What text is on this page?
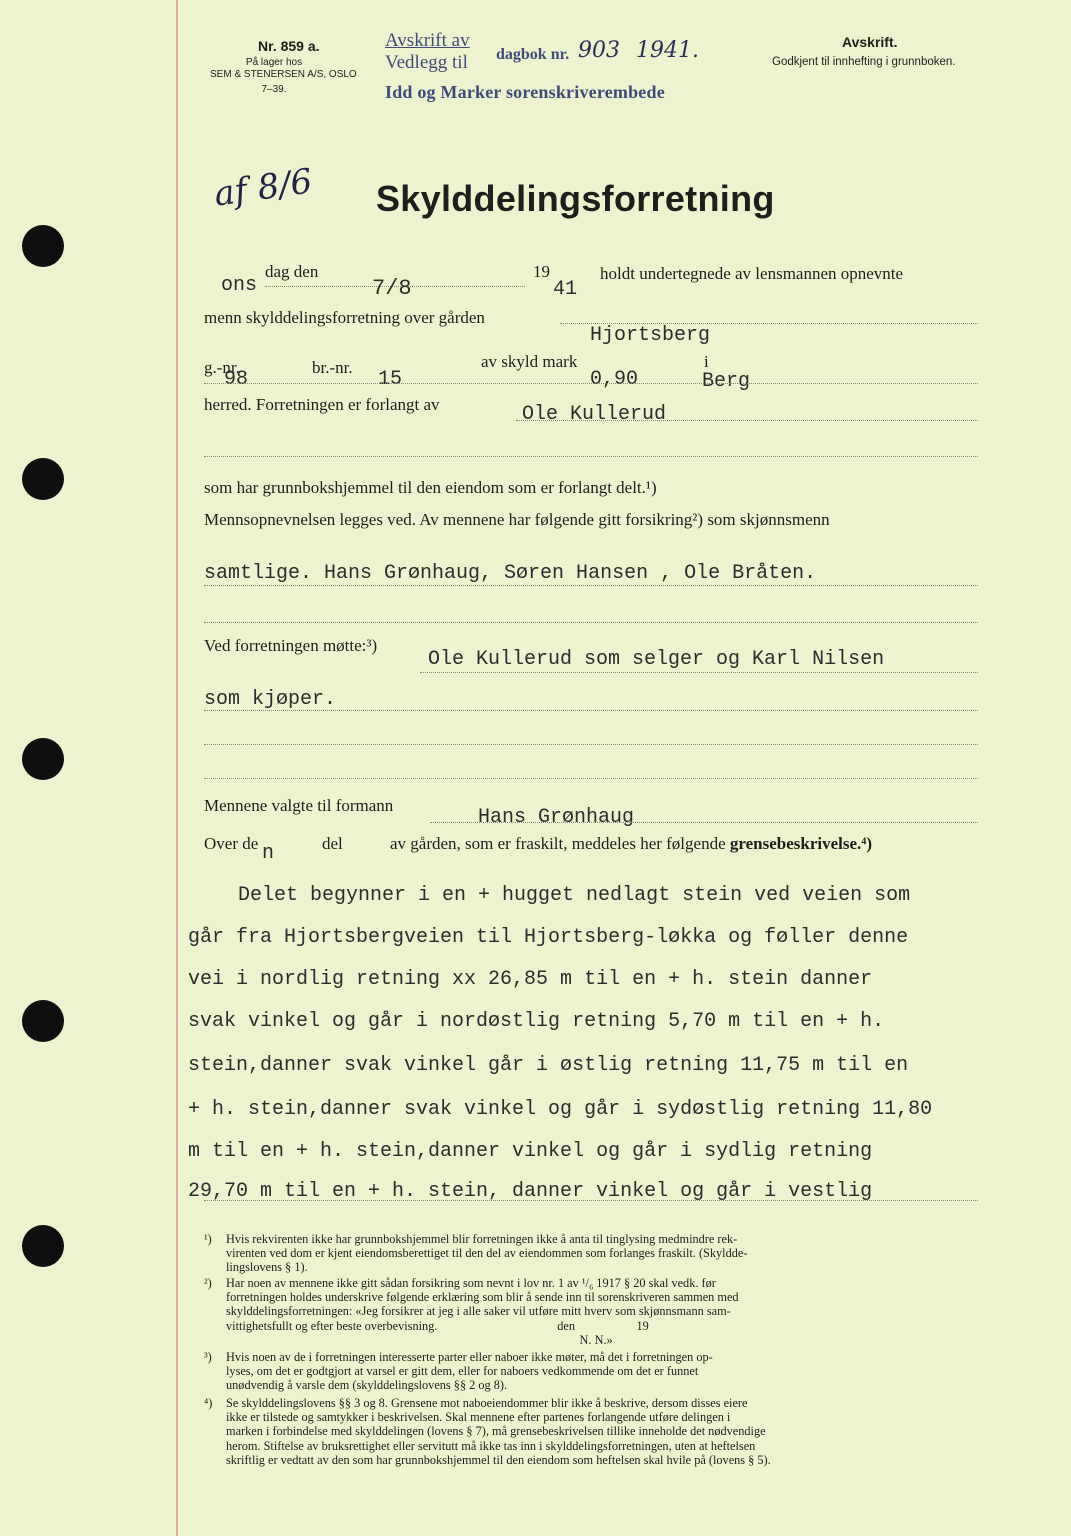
Nr. 859 a.
På lager hos
SEM & STENERSEN A/S, OSLO
7–39.
Avskrift av
Vedlegg til dagbok nr. 903 1941.
Idd og Marker sorenskriverembede
Avskrift.
Godkjent til innhefting i grunnboken.
af 8/6 Skylddelingsforretning
ons
dag den
7/8
19
41
holdt undertegnede av lensmannen opnevnte
menn skylddelingsforretning over gården
Hjortsberg
g.-nr.
98
br.-nr.
15
av skyld mark
0,90
i
Berg
herred. Forretningen er forlangt av	Ole Kullerud
som har grunnbokshjemmel til den eiendom som er forlangt delt.¹)
Mennsopnevnelsen legges ved. Av mennene har følgende gitt forsikring²) som skjønnsmenn
samtlige. Hans Grønhaug, Søren Hansen , Ole Bråten.
Ved forretningen møtte:³)
Ole Kullerud som selger og Karl Nilsen
som kjøper.
Mennene valgte til formann
Hans Grønhaug
Over de n	del	av gården, som er fraskilt, meddeles her følgende grensebeskrivelse.⁴)
Delet begynner i en + hugget nedlagt stein ved veien som
går fra Hjortsbergveien til Hjortsberg-løkka og føller denne
vei i nordlig retning xx 26,85 m til en + h. stein danner
svak vinkel og går i nordøstlig retning 5,70 m til en + h.
stein,danner svak vinkel går i østlig retning 11,75 m til en
+ h. stein,danner svak vinkel og går i sydøstlig retning 11,80
m til en + h. stein,danner vinkel og går i sydlig retning
29,70 m til en + h. stein, danner vinkel og går i vestlig
¹) Hvis rekvirenten ikke har grunnbokshjemmel blir forretningen ikke å anta til tinglysing medmindre rek-
virenten ved dom er kjent eiendomsberettiget til den del av eiendommen som forlanges fraskilt. (Skyldde-
lingslovens § 1).
²) Har noen av mennene ikke gitt sådan forsikring som nevnt i lov nr. 1 av ¹/₆ 1917 § 20 skal vedk. før
forretningen holdes underskrive følgende erklæring som blir å sende inn til sorenskriveren sammen med
skylddelingsforretningen: «Jeg forsikrer at jeg i alle saker vil utføre mitt hverv som skjønnsmann sam-
vittighetsfullt og efter beste overbevisning.                                       den                    19
N. N.»
³) Hvis noen av de i forretningen interesserte parter eller naboer ikke møter, må det i forretningen op-
lyses, om det er godtgjort at varsel er gitt dem, eller for naboers vedkommende om det er funnet
unødvendig å varsle dem (skylddelingslovens §§ 2 og 8).
⁴) Se skylddelingslovens §§ 3 og 8. Grensene mot naboeiendommer blir ikke å beskrive, dersom disses eiere
ikke er tilstede og samtykker i beskrivelsen. Skal mennene efter partenes forlangende utføre delingen i
marken i forbindelse med skylddelingen (lovens § 7), må grensebeskrivelsen tillike inneholde det nødvendige
herom. Stiftelse av bruksrettighet eller servitutt må ikke tas inn i skylddelingsforretningen, uten at heftelsen
skriftlig er vedtatt av den som har grunnbokshjemmel til den eiendom som heftelsen skal hvile på (lovens § 5).
